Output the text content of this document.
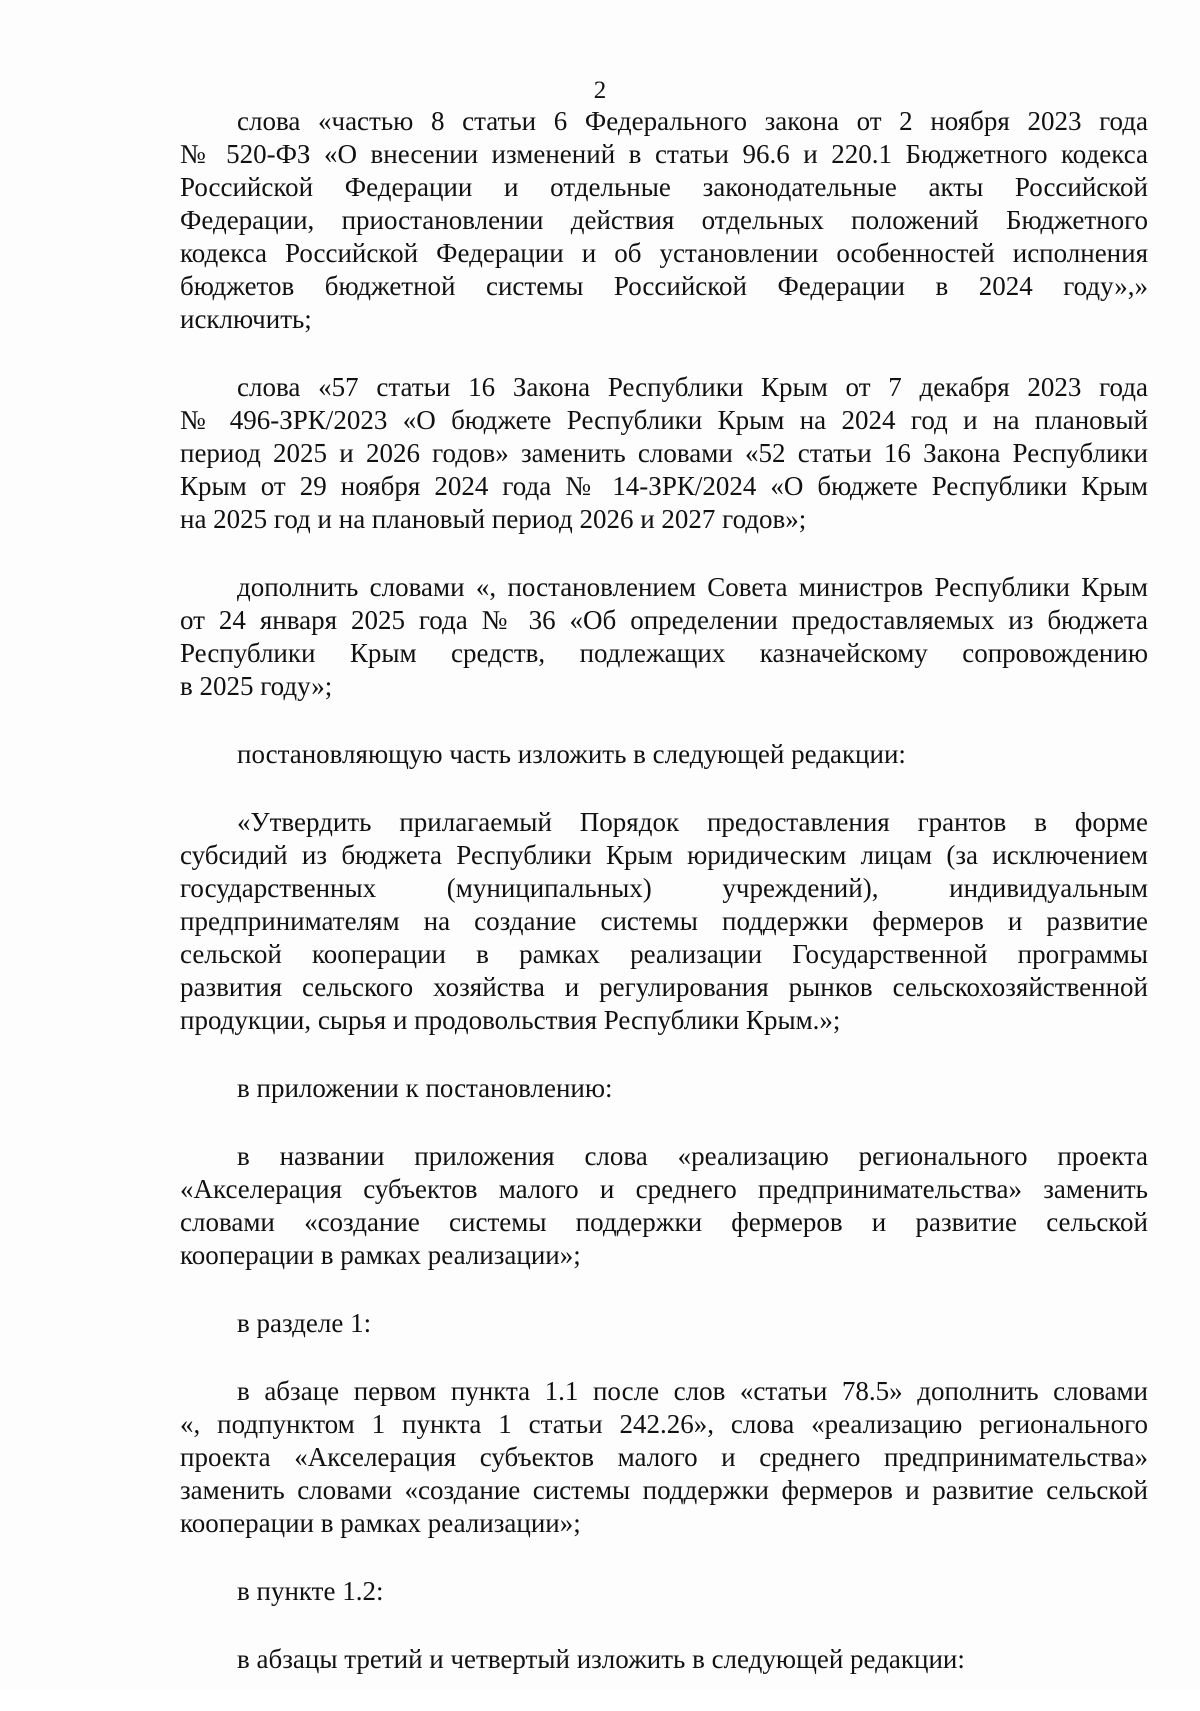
2
слова «частью 8 статьи 6 Федерального закона от 2 ноября 2023 года
№ 520-ФЗ «О внесении изменений в статьи 96.6 и 220.1 Бюджетного кодекса
Российской Федерации и отдельные законодательные акты Российской
Федерации, приостановлении действия отдельных положений Бюджетного
кодекса Российской Федерации и об установлении особенностей исполнения
бюджетов бюджетной системы Российской Федерации в 2024 году»,»
исключить;
слова «57 статьи 16 Закона Республики Крым от 7 декабря 2023 года
№ 496-ЗРК/2023 «О бюджете Республики Крым на 2024 год и на плановый
период 2025 и 2026 годов» заменить словами «52 статьи 16 Закона Республики
Крым от 29 ноября 2024 года № 14-ЗРК/2024 «О бюджете Республики Крым
на 2025 год и на плановый период 2026 и 2027 годов»;
дополнить словами «, постановлением Совета министров Республики Крым
от 24 января 2025 года № 36 «Об определении предоставляемых из бюджета
Республики Крым средств, подлежащих казначейскому сопровождению
в 2025 году»;
постановляющую часть изложить в следующей редакции:
«Утвердить прилагаемый Порядок предоставления грантов в форме
субсидий из бюджета Республики Крым юридическим лицам (за исключением
государственных (муниципальных) учреждений), индивидуальным
предпринимателям на создание системы поддержки фермеров и развитие
сельской кооперации в рамках реализации Государственной программы
развития сельского хозяйства и регулирования рынков сельскохозяйственной
продукции, сырья и продовольствия Республики Крым.»;
в приложении к постановлению:
в названии приложения слова «реализацию регионального проекта
«Акселерация субъектов малого и среднего предпринимательства» заменить
словами «создание системы поддержки фермеров и развитие сельской
кооперации в рамках реализации»;
в разделе 1:
в абзаце первом пункта 1.1 после слов «статьи 78.5» дополнить словами
«, подпунктом 1 пункта 1 статьи 242.26», слова «реализацию регионального
проекта «Акселерация субъектов малого и среднего предпринимательства»
заменить словами «создание системы поддержки фермеров и развитие сельской
кооперации в рамках реализации»;
в пункте 1.2:
в абзацы третий и четвертый изложить в следующей редакции:
